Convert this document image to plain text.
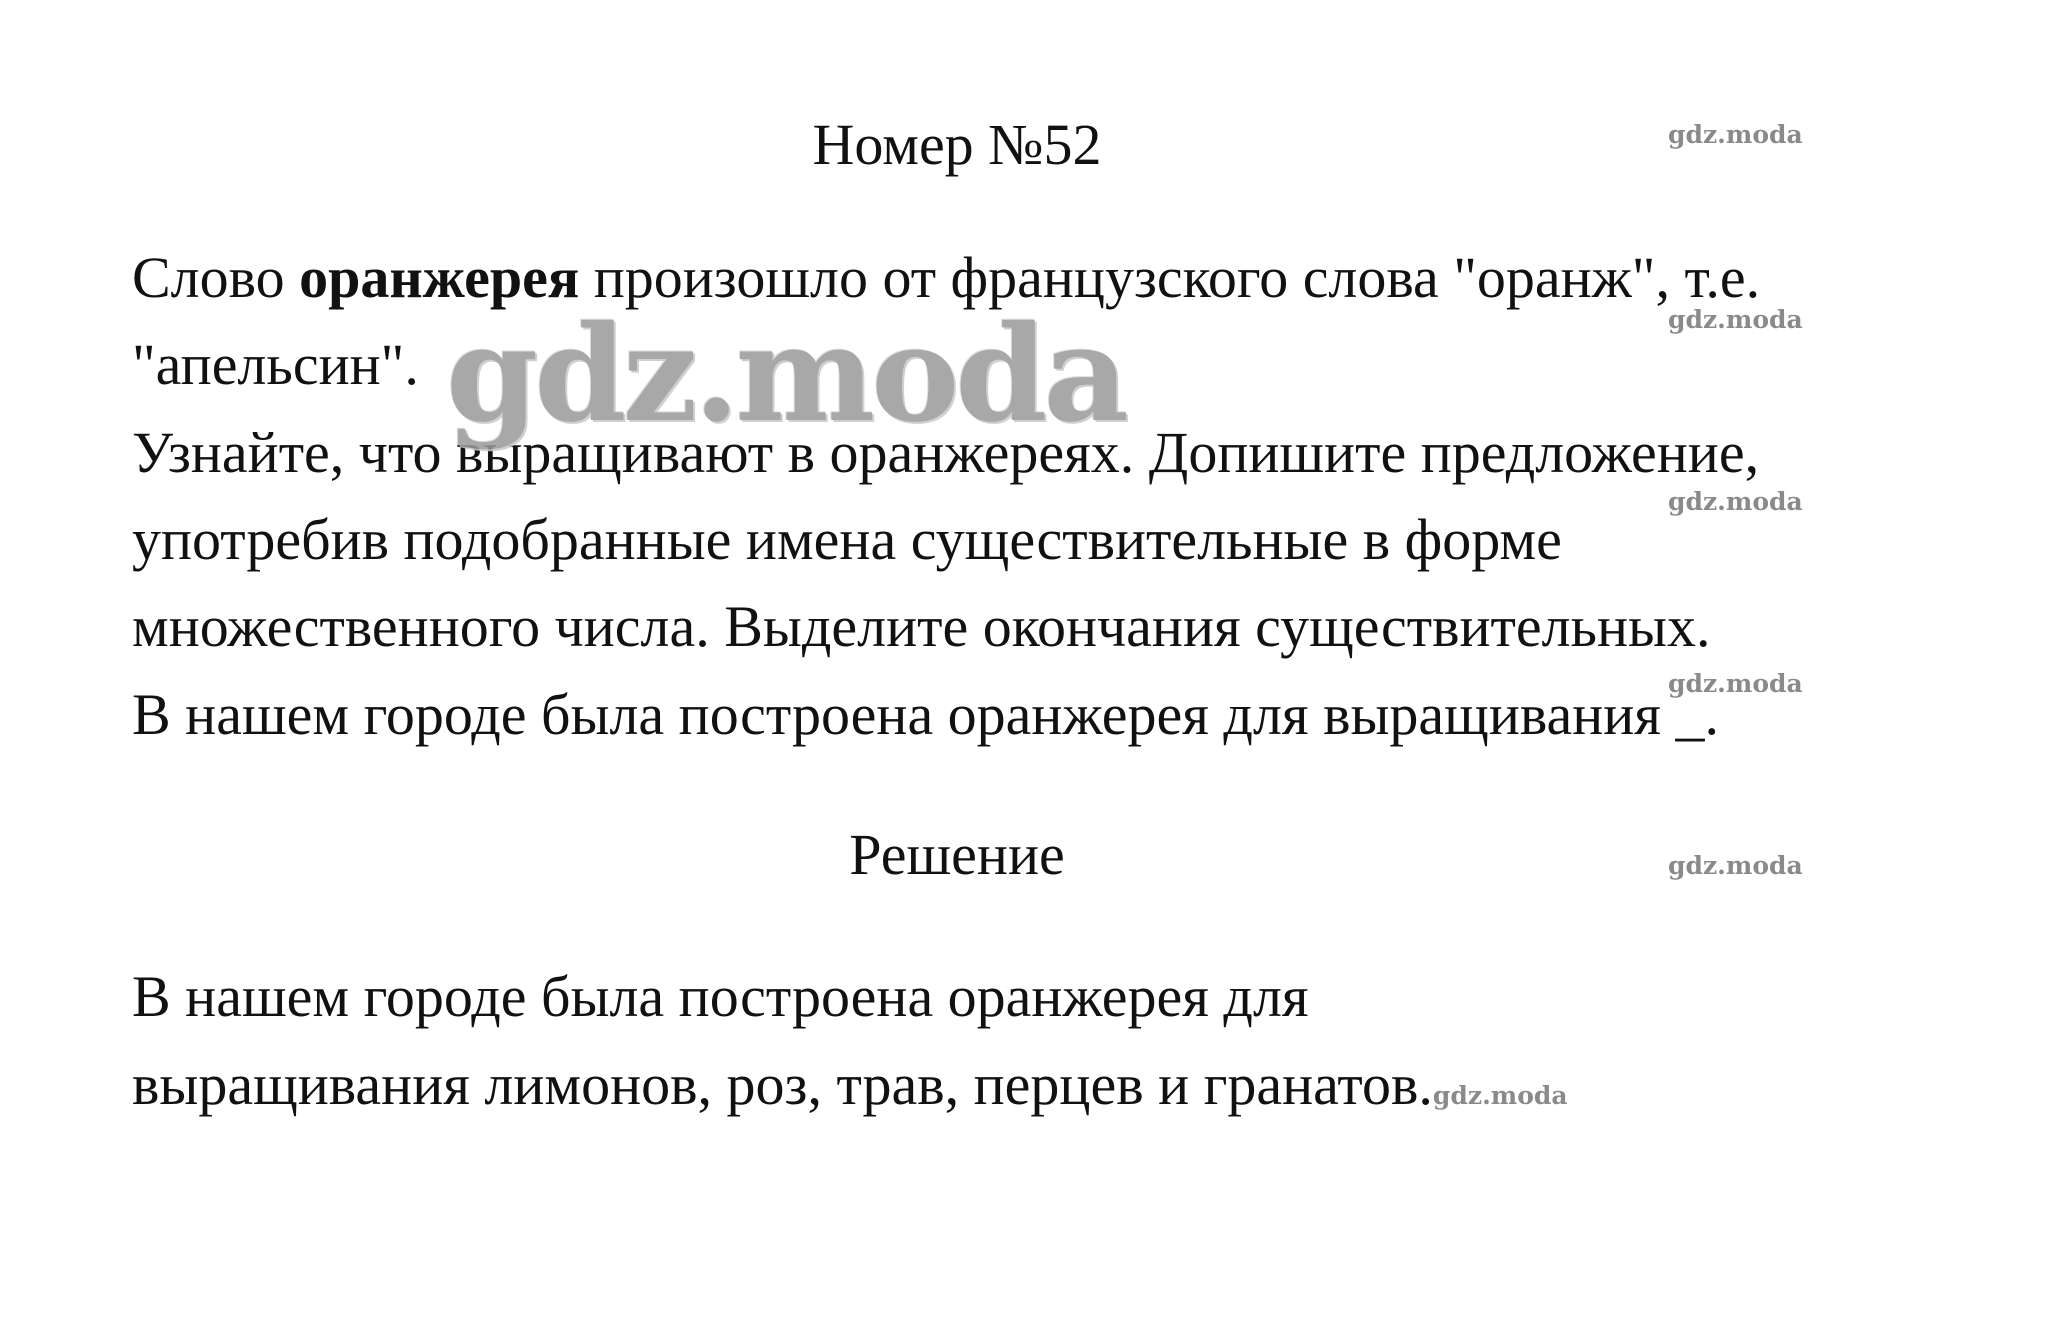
Номер №52

Слово оранжерея произошло от французского слова "оранж", т.е.

"апельсин".

Узнайте, что выращивают в оранжереях. Допишите предложение,

употребив подобранные имена существительные в форме

множественного числа. Выделите окончания существительных.

В нашем городе была построена оранжерея для выращивания _.

Решение

В нашем городе была построена оранжерея для

выращивания лимонов, роз, трав, перцев и гранатов.gdz.moda

gdz.moda
gdz.moda
gdz.moda
gdz.moda
gdz.moda
gdz.moda
